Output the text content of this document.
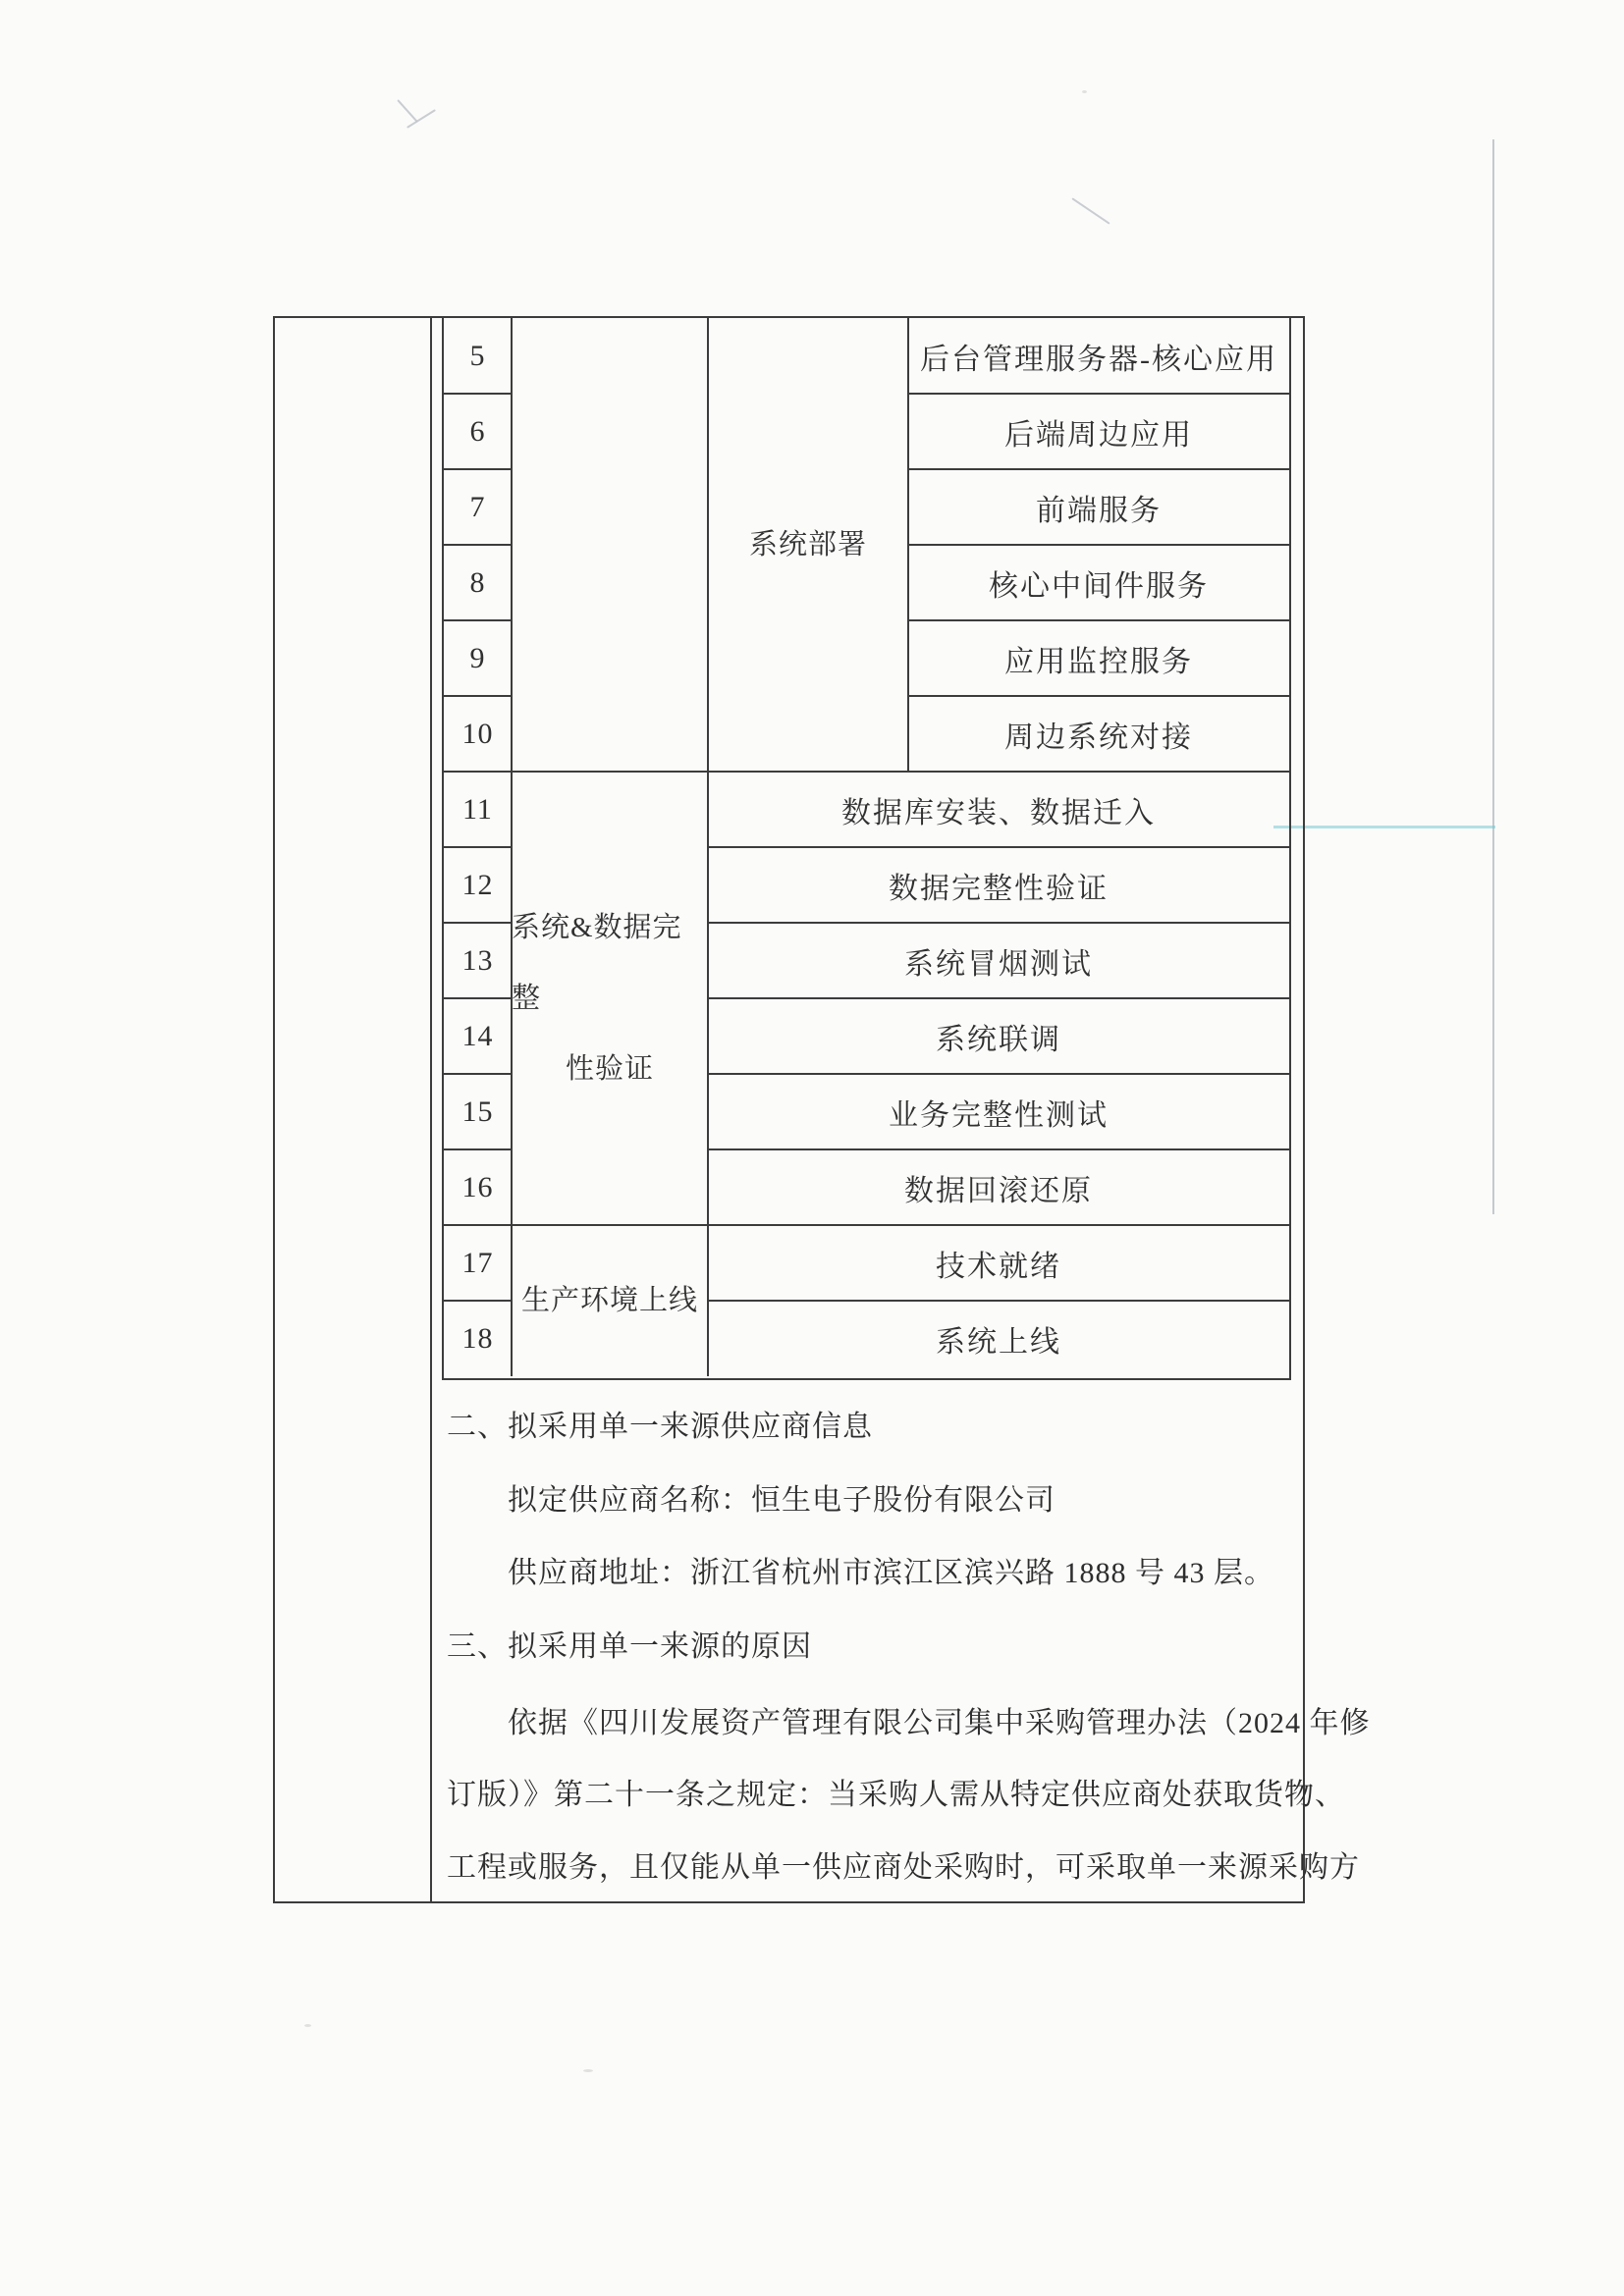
5
6
7
8
9
10
11
12
13
14
15
16
17
18
系统部署
系统&数据完整
性验证
生产环境上线
后台管理服务器-核心应用
后端周边应用
前端服务
核心中间件服务
应用监控服务
周边系统对接
数据库安装、数据迁入
数据完整性验证
系统冒烟测试
系统联调
业务完整性测试
数据回滚还原
技术就绪
系统上线
二、拟采用单一来源供应商信息
拟定供应商名称：恒生电子股份有限公司
供应商地址：浙江省杭州市滨江区滨兴路 1888 号 43 层。
三、拟采用单一来源的原因
依据《四川发展资产管理有限公司集中采购管理办法（2024 年修
订版）》第二十一条之规定：当采购人需从特定供应商处获取货物、
工程或服务，且仅能从单一供应商处采购时，可采取单一来源采购方
